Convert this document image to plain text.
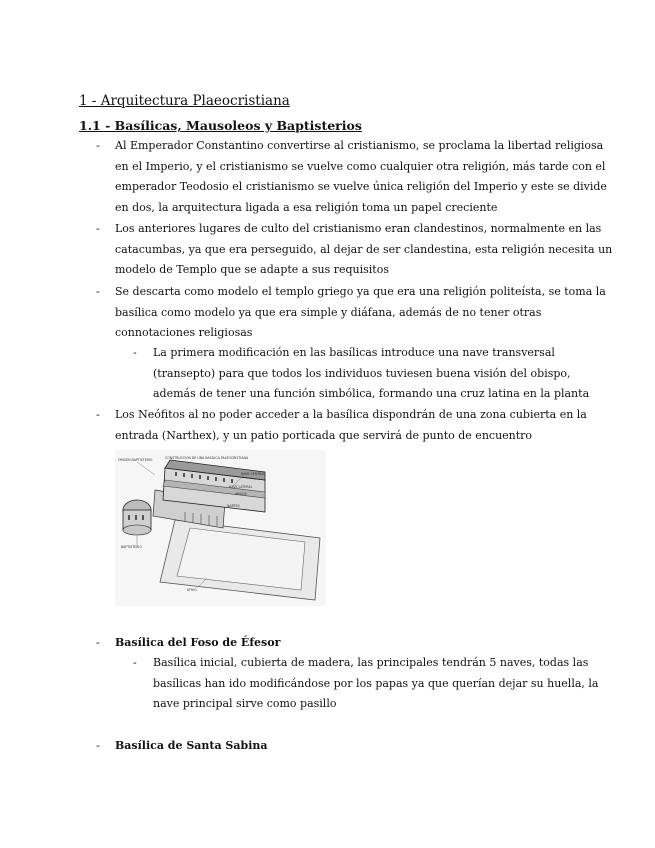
1 - Arquitectura Plaeocristiana
1.1 - Basílicas, Mausoleos y Baptisterios
- Al Emperador Constantino convertirse al cristianismo, se proclama la libertad religiosa
en el Imperio, y el cristianismo se vuelve como cualquier otra religión, más tarde con el
emperador Teodosio el cristianismo se vuelve única religión del Imperio y este se divide
en dos, la arquitectura ligada a esa religión toma un papel creciente
- Los anteriores lugares de culto del cristianismo eran clandestinos, normalmente en las
catacumbas, ya que era perseguido, al dejar de ser clandestina, esta religión necesita un
modelo de Templo que se adapte a sus requisitos
- Se descarta como modelo el templo griego ya que era una religión politeísta, se toma la
basílica como modelo ya que era simple y diáfana, además de no tener otras
connotaciones religiosas
- La primera modificación en las basílicas introduce una nave transversal
(transepto) para que todos los individuos tuviesen buena visión del obispo,
además de tener una función simbólica, formando una cruz latina en la planta
- Los Neófitos al no poder acceder a la basílica dispondrán de una zona cubierta en la
entrada (Narthex), y un patio porticada que servirá de punto de encuentro
CONSTRUCCIÓN DE UNA BASÍLICA PALEOCRISTIANA
ORIGEN BAPTISTERIO
NAVE LATERAL
NAVE CENTRAL
ABSIDE
NARTEX
BAPTISTERIO
ATRIO
- Basílica del Foso de Éfesor
- Basílica inicial, cubierta de madera, las principales tendrán 5 naves, todas las
basílicas han ido modificándose por los papas ya que querían dejar su huella, la
nave principal sirve como pasillo
- Basílica de Santa Sabina
